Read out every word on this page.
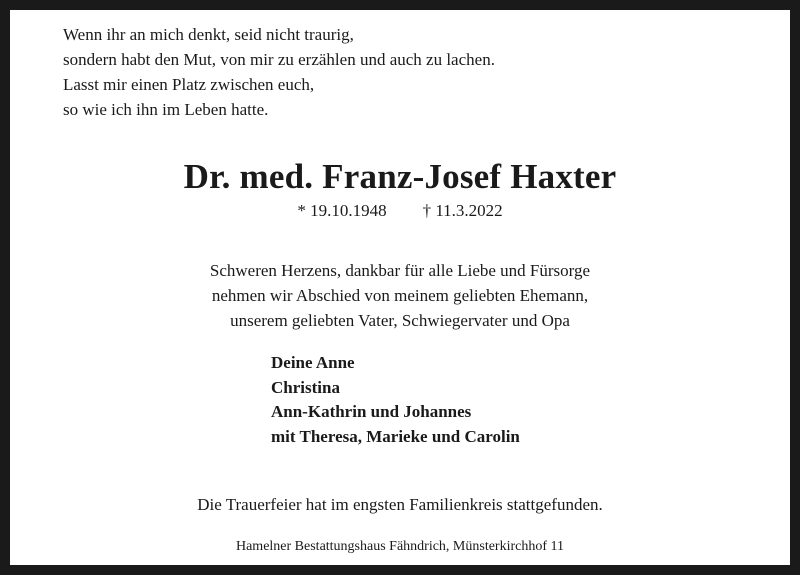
Wenn ihr an mich denkt, seid nicht traurig,
sondern habt den Mut, von mir zu erzählen und auch zu lachen.
Lasst mir einen Platz zwischen euch,
so wie ich ihn im Leben hatte.
Dr. med. Franz-Josef Haxter
* 19.10.1948 † 11.3.2022
Schweren Herzens, dankbar für alle Liebe und Fürsorge
nehmen wir Abschied von meinem geliebten Ehemann,
unserem geliebten Vater, Schwiegervater und Opa
Deine Anne
Christina
Ann-Kathrin und Johannes
mit Theresa, Marieke und Carolin
Die Trauerfeier hat im engsten Familienkreis stattgefunden.
Hamelner Bestattungshaus Fähndrich, Münsterkirchhof 11
